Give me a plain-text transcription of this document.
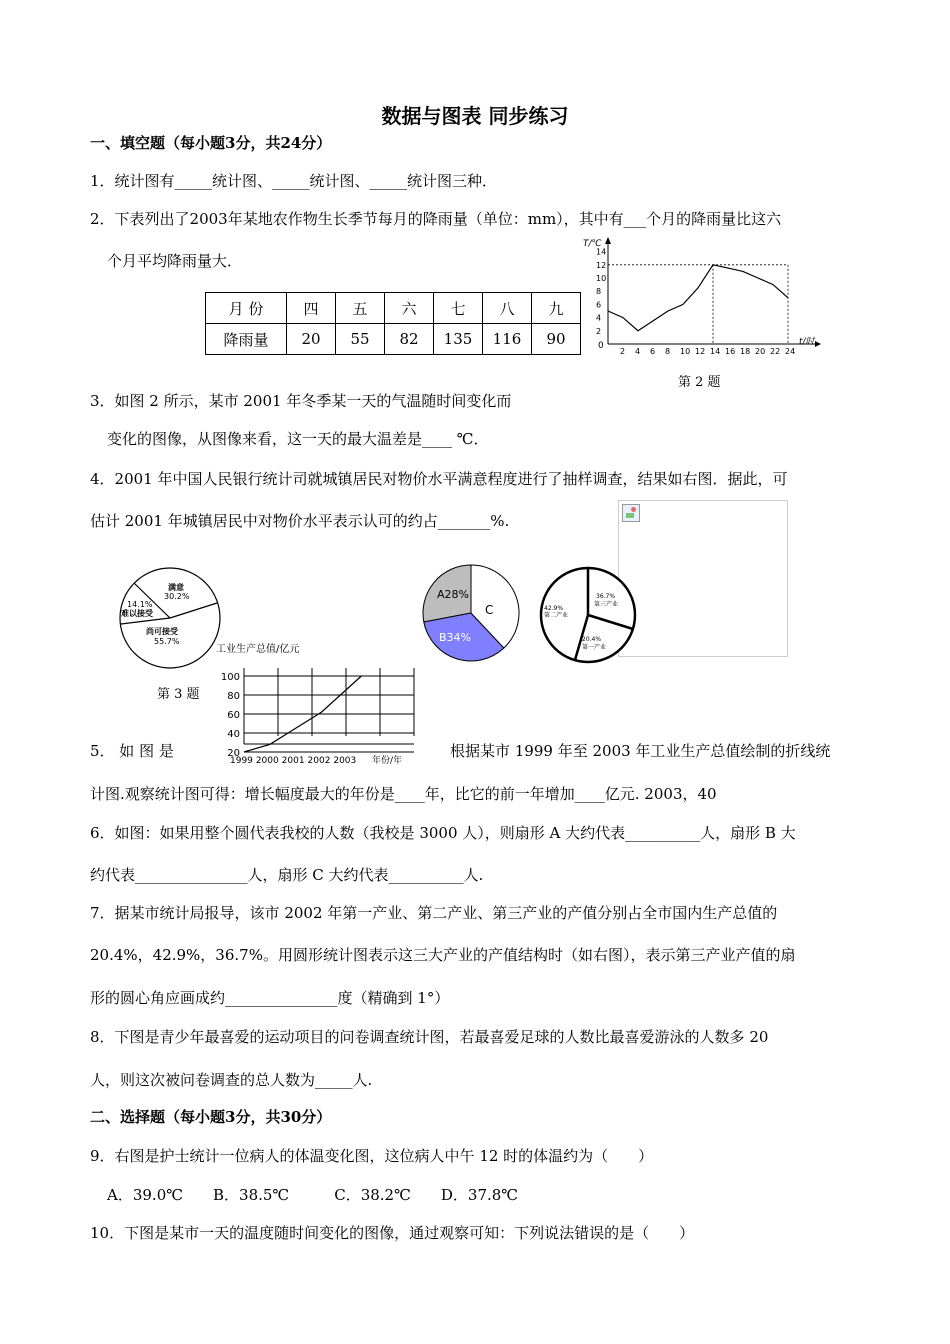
数据与图表 同步练习
一、填空题（每小题3分，共24分）
1．统计图有_____统计图、_____统计图、_____统计图三种．
2．下表列出了2003年某地农作物生长季节每月的降雨量（单位：mm），其中有___个月的降雨量比这六
个月平均降雨量大．
月 份	四	五	六	七	八	九
降雨量	20	55	82	135	116	90
T/℃
t/时
0
2
4
6
8
10
12
14
2 4 6 8 10 12 14 16 18 20 22 24
第 2 题
3．如图 2 所示，某市 2001 年冬季某一天的气温随时间变化而
变化的图像，从图像来看，这一天的最大温差是____ ℃．
4．2001 年中国人民银行统计司就城镇居民对物价水平满意程度进行了抽样调查，结果如右图．据此，可
估计 2001 年城镇居民中对物价水平表示认可的约占_______%.
满意
30.2%
14.1%
难以接受
尚可接受
55.7%
第 3 题
A28%
B34%
C
36.7%
第三产业
42.9%
第二产业
20.4%
第一产业
工业生产总值/亿元
20
40
60
80
100
1999 2000 2001 2002 2003 年份/年
5． 如 图 是	根据某市 1999 年至 2003 年工业生产总值绘制的折线统
计图.观察统计图可得：增长幅度最大的年份是____年，比它的前一年增加____亿元. 2003，40
6．如图：如果用整个圆代表我校的人数（我校是 3000 人），则扇形 A 大约代表__________人，扇形 B 大
约代表_______________人，扇形 C 大约代表__________人.
7．据某市统计局报导，该市 2002 年第一产业、第二产业、第三产业的产值分别占全市国内生产总值的
20.4%，42.9%，36.7%。用圆形统计图表示这三大产业的产值结构时（如右图），表示第三产业产值的扇
形的圆心角应画成约_______________度（精确到 1°）
8．下图是青少年最喜爱的运动项目的问卷调查统计图，若最喜爱足球的人数比最喜爱游泳的人数多 20
人，则这次被问卷调查的总人数为_____人.
二、选择题（每小题3分，共30分）
9．右图是护士统计一位病人的体温变化图，这位病人中午 12 时的体温约为（　　）
A．39.0℃　　B．38.5℃　　　C．38.2℃　　D．37.8℃
10．下图是某市一天的温度随时间变化的图像，通过观察可知：下列说法错误的是（　　）
